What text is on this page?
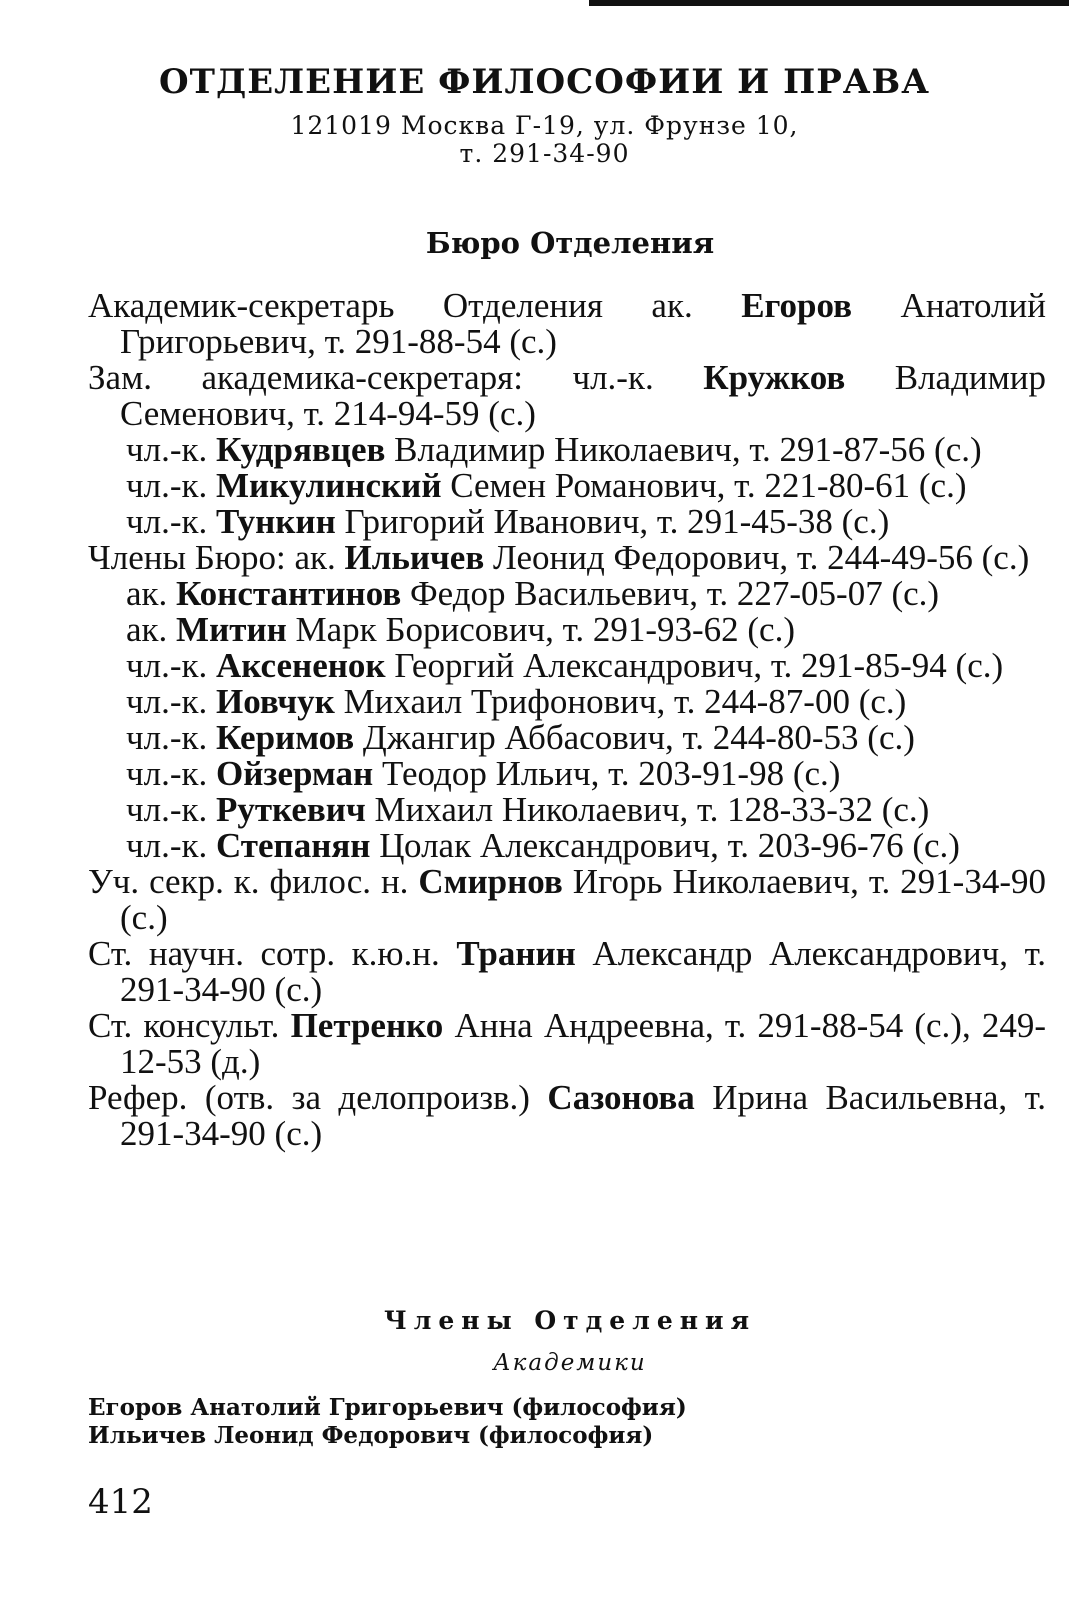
ОТДЕЛЕНИЕ ФИЛОСОФИИ И ПРАВА
121019 Москва Г-19, ул. Фрунзе 10,
т. 291-34-90
Бюро Отделения
Академик-секретарь Отделения ак. Егоров Анатолий Григорьевич, т. 291-88-54 (с.)
Зам. академика-секретаря: чл.-к. Кружков Владимир Семенович, т. 214-94-59 (с.)
чл.-к. Кудрявцев Владимир Николаевич, т. 291-87-56 (с.)
чл.-к. Микулинский Семен Романович, т. 221-80-61 (с.)
чл.-к. Тункин Григорий Иванович, т. 291-45-38 (с.)
Члены Бюро: ак. Ильичев Леонид Федорович, т. 244-49-56 (с.)
ак. Константинов Федор Васильевич, т. 227-05-07 (с.)
ак. Митин Марк Борисович, т. 291-93-62 (с.)
чл.-к. Аксененок Георгий Александрович, т. 291-85-94 (с.)
чл.-к. Иовчук Михаил Трифонович, т. 244-87-00 (с.)
чл.-к. Керимов Джангир Аббасович, т. 244-80-53 (с.)
чл.-к. Ойзерман Теодор Ильич, т. 203-91-98 (с.)
чл.-к. Руткевич Михаил Николаевич, т. 128-33-32 (с.)
чл.-к. Степанян Цолак Александрович, т. 203-96-76 (с.)
Уч. секр. к. филос. н. Смирнов Игорь Николаевич, т. 291-34-90 (с.)
Ст. научн. сотр. к.ю.н. Транин Александр Александрович, т. 291-34-90 (с.)
Ст. консульт. Петренко Анна Андреевна, т. 291-88-54 (с.), 249-12-53 (д.)
Рефер. (отв. за делопроизв.) Сазонова Ирина Васильевна, т. 291-34-90 (с.)
Члены Отделения
Академики
Егоров Анатолий Григорьевич (философия)
Ильичев Леонид Федорович (философия)
412
